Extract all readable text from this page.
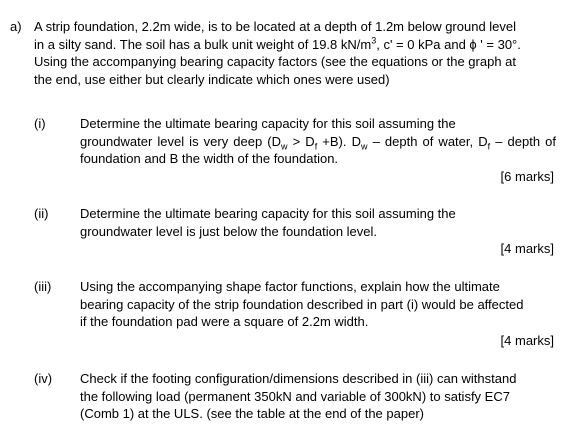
a) A strip foundation, 2.2m wide, is to be located at a depth of 1.2m below ground level
in a silty sand. The soil has a bulk unit weight of 19.8 $kN/m^3$, c' = 0 kPa and ϕ ' = 30°.
Using the accompanying bearing capacity factors (see the equations or the graph at
the end, use either but clearly indicate which ones were used)
(i)	Determine the ultimate bearing capacity for this soil assuming the
groundwater level is very deep $(D_w > D_f +B)$. $D_w$ – depth of water, $D_f$ – depth of
foundation and B the width of the foundation.
[6 marks]
(ii) Determine the ultimate bearing capacity for this soil assuming the
groundwater level is just below the foundation level.
[4 marks]
(iii) Using the accompanying shape factor functions, explain how the ultimate
bearing capacity of the strip foundation described in part (i) would be affected
if the foundation pad were a square of 2.2m width.
[4 marks]
(iv) Check if the footing configuration/dimensions described in (iii) can withstand
the following load (permanent 350kN and variable of 300kN) to satisfy EC7
(Comb 1) at the ULS. (see the table at the end of the paper)
